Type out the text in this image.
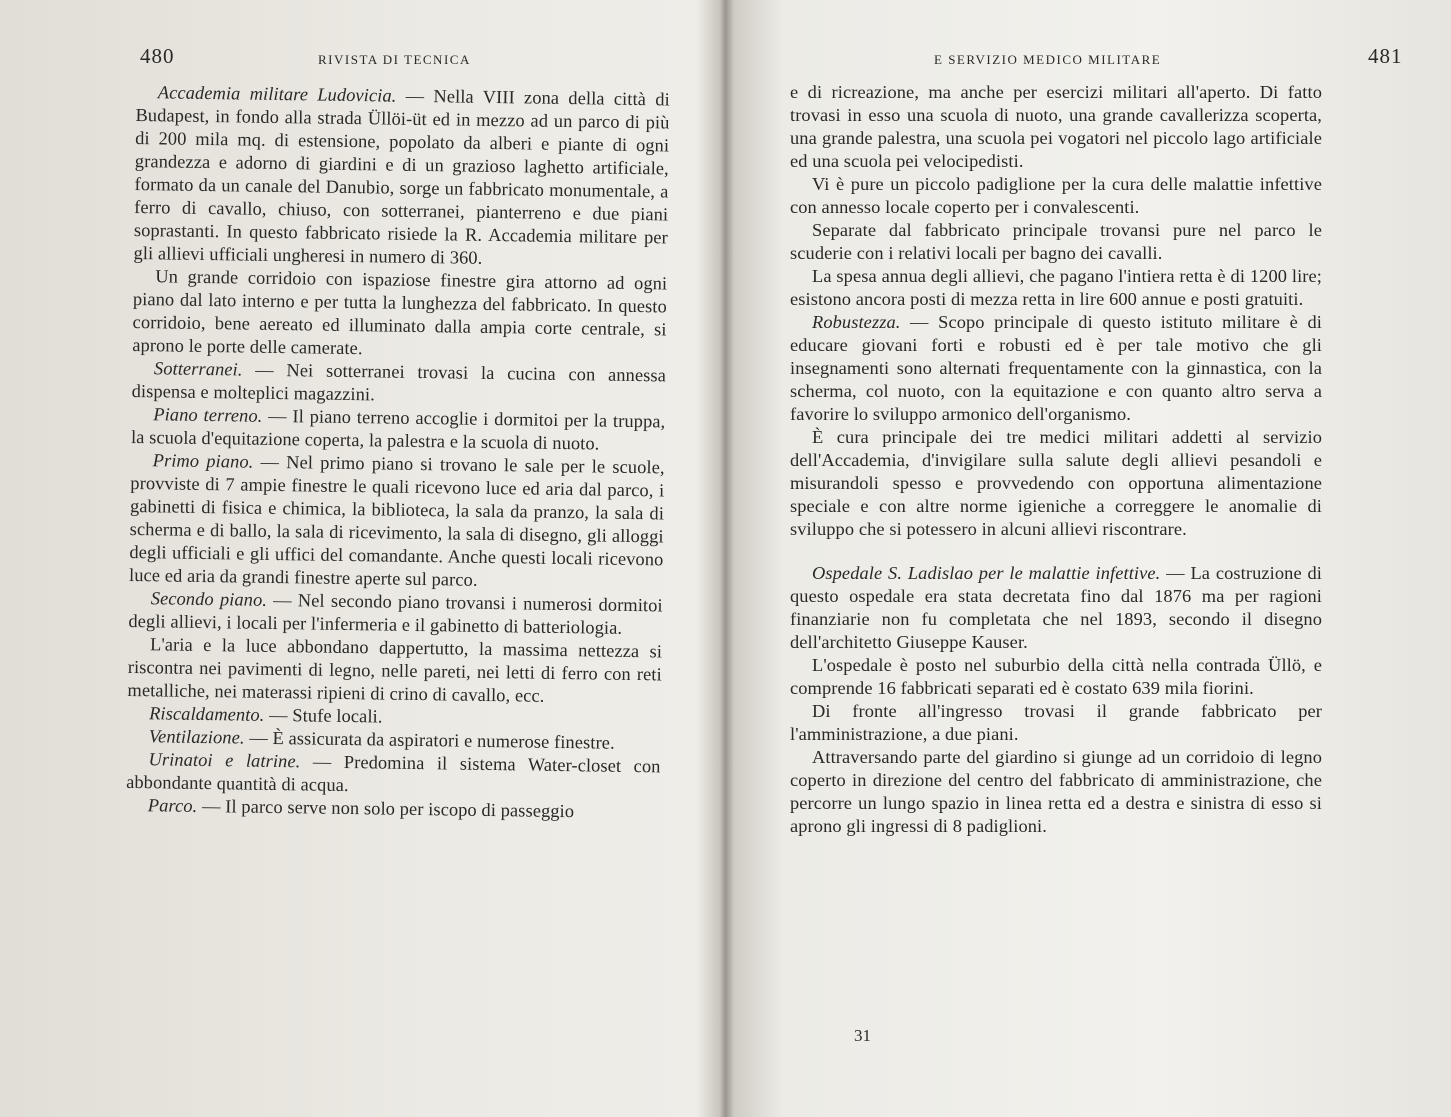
480	RIVISTA DI TECNICA

Accademia militare Ludovicia. — Nella VIII zona della città di Budapest, in fondo alla strada Üllöi-üt ed in mezzo ad un parco di più di 200 mila mq. di estensione, popolato da alberi e piante di ogni grandezza e adorno di giardini e di un grazioso laghetto artificiale, formato da un canale del Danubio, sorge un fabbricato monumentale, a ferro di cavallo, chiuso, con sotterranei, pianterreno e due piani soprastanti. In questo fabbricato risiede la R. Accademia militare per gli allievi ufficiali ungheresi in numero di 360.

Un grande corridoio con ispaziose finestre gira attorno ad ogni piano dal lato interno e per tutta la lunghezza del fabbricato. In questo corridoio, bene aereato ed illuminato dalla ampia corte centrale, si aprono le porte delle camerate.

Sotterranei. — Nei sotterranei trovasi la cucina con annessa dispensa e molteplici magazzini.

Piano terreno. — Il piano terreno accoglie i dormitoi per la truppa, la scuola d'equitazione coperta, la palestra e la scuola di nuoto.

Primo piano. — Nel primo piano si trovano le sale per le scuole, provviste di 7 ampie finestre le quali ricevono luce ed aria dal parco, i gabinetti di fisica e chimica, la biblioteca, la sala da pranzo, la sala di scherma e di ballo, la sala di ricevimento, la sala di disegno, gli alloggi degli ufficiali e gli uffici del comandante. Anche questi locali ricevono luce ed aria da grandi finestre aperte sul parco.

Secondo piano. — Nel secondo piano trovansi i numerosi dormitoi degli allievi, i locali per l'infermeria e il gabinetto di batteriologia.

L'aria e la luce abbondano dappertutto, la massima nettezza si riscontra nei pavimenti di legno, nelle pareti, nei letti di ferro con reti metalliche, nei materassi ripieni di crino di cavallo, ecc.

Riscaldamento. — Stufe locali.

Ventilazione. — È assicurata da aspiratori e numerose finestre.

Urinatoi e latrine. — Predomina il sistema Water-closet con abbondante quantità di acqua.

Parco. — Il parco serve non solo per iscopo di passeggio

E SERVIZIO MEDICO MILITARE	481

e di ricreazione, ma anche per esercizi militari all'aperto. Di fatto trovasi in esso una scuola di nuoto, una grande cavallerizza scoperta, una grande palestra, una scuola pei vogatori nel piccolo lago artificiale ed una scuola pei velocipedisti.

Vi è pure un piccolo padiglione per la cura delle malattie infettive con annesso locale coperto per i convalescenti.

Separate dal fabbricato principale trovansi pure nel parco le scuderie con i relativi locali per bagno dei cavalli.

La spesa annua degli allievi, che pagano l'intiera retta è di 1200 lire; esistono ancora posti di mezza retta in lire 600 annue e posti gratuiti.

Robustezza. — Scopo principale di questo istituto militare è di educare giovani forti e robusti ed è per tale motivo che gli insegnamenti sono alternati frequentamente con la ginnastica, con la scherma, col nuoto, con la equitazione e con quanto altro serva a favorire lo sviluppo armonico dell'organismo.

È cura principale dei tre medici militari addetti al servizio dell'Accademia, d'invigilare sulla salute degli allievi pesandoli e misurandoli spesso e provvedendo con opportuna alimentazione speciale e con altre norme igieniche a correggere le anomalie di sviluppo che si potessero in alcuni allievi riscontrare.

Ospedale S. Ladislao per le malattie infettive. — La costruzione di questo ospedale era stata decretata fino dal 1876 ma per ragioni finanziarie non fu completata che nel 1893, secondo il disegno dell'architetto Giuseppe Kauser.

L'ospedale è posto nel suburbio della città nella contrada Üllö, e comprende 16 fabbricati separati ed è costato 639 mila fiorini.

Di fronte all'ingresso trovasi il grande fabbricato per l'amministrazione, a due piani.

Attraversando parte del giardino si giunge ad un corridoio di legno coperto in direzione del centro del fabbricato di amministrazione, che percorre un lungo spazio in linea retta ed a destra e sinistra di esso si aprono gli ingressi di 8 padiglioni.

31
